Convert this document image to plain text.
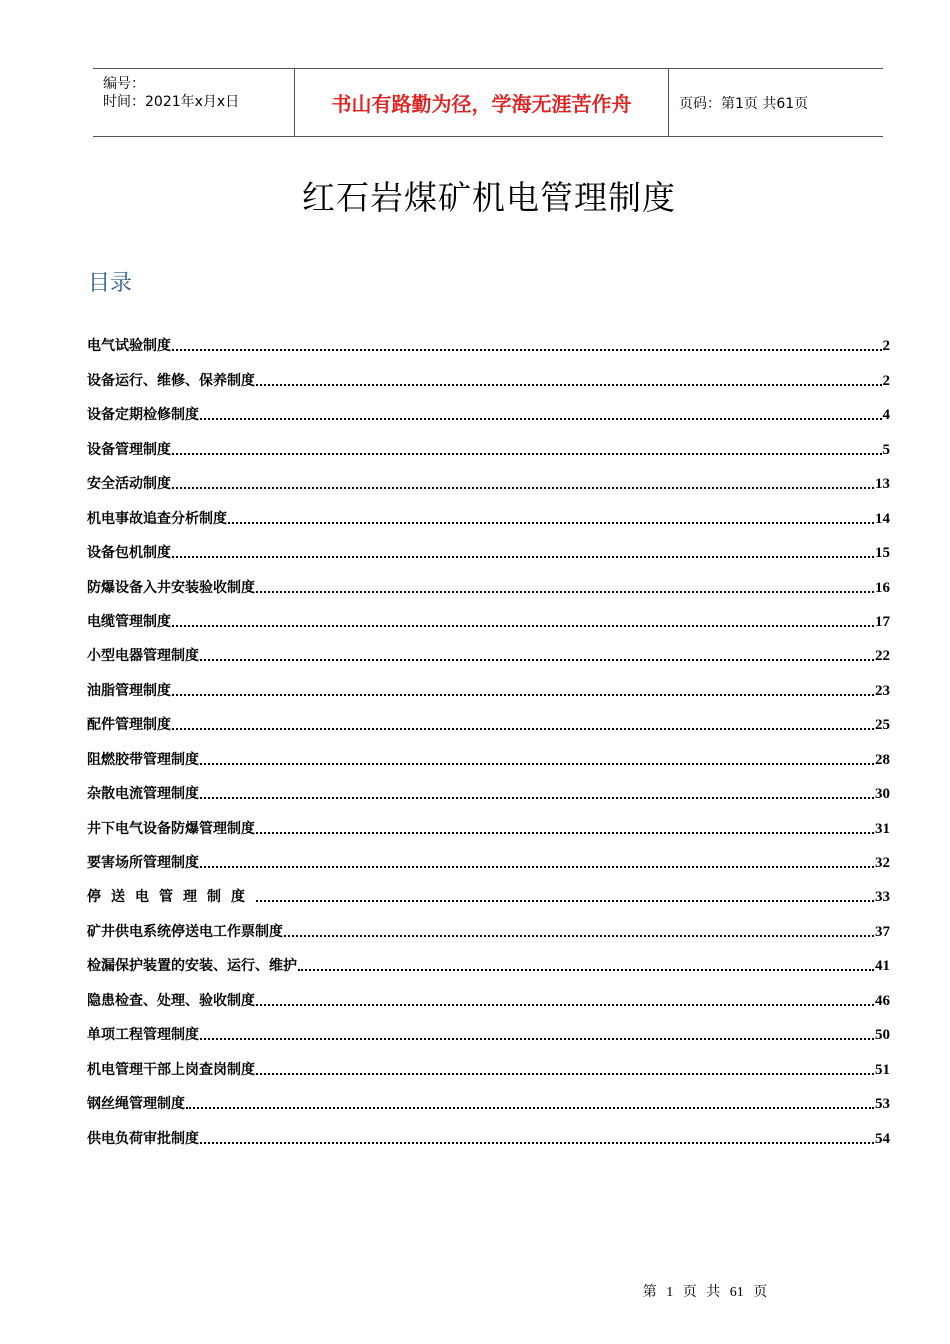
编号：
时间：2021年x月x日	书山有路勤为径，学海无涯苦作舟	页码：第1页 共61页
红石岩煤矿机电管理制度
目录
电气试验制度	2
设备运行、维修、保养制度	2
设备定期检修制度	4
设备管理制度	5
安全活动制度	13
机电事故追查分析制度	14
设备包机制度	15
防爆设备入井安装验收制度	16
电缆管理制度	17
小型电器管理制度	22
油脂管理制度	23
配件管理制度	25
阻燃胶带管理制度	28
杂散电流管理制度	30
井下电气设备防爆管理制度	31
要害场所管理制度	32
停送电管理制度	33
矿井供电系统停送电工作票制度	37
检漏保护装置的安装、运行、维护	41
隐患检查、处理、验收制度	46
单项工程管理制度	50
机电管理干部上岗查岗制度	51
钢丝绳管理制度	53
供电负荷审批制度	54
第 1 页 共 61 页
